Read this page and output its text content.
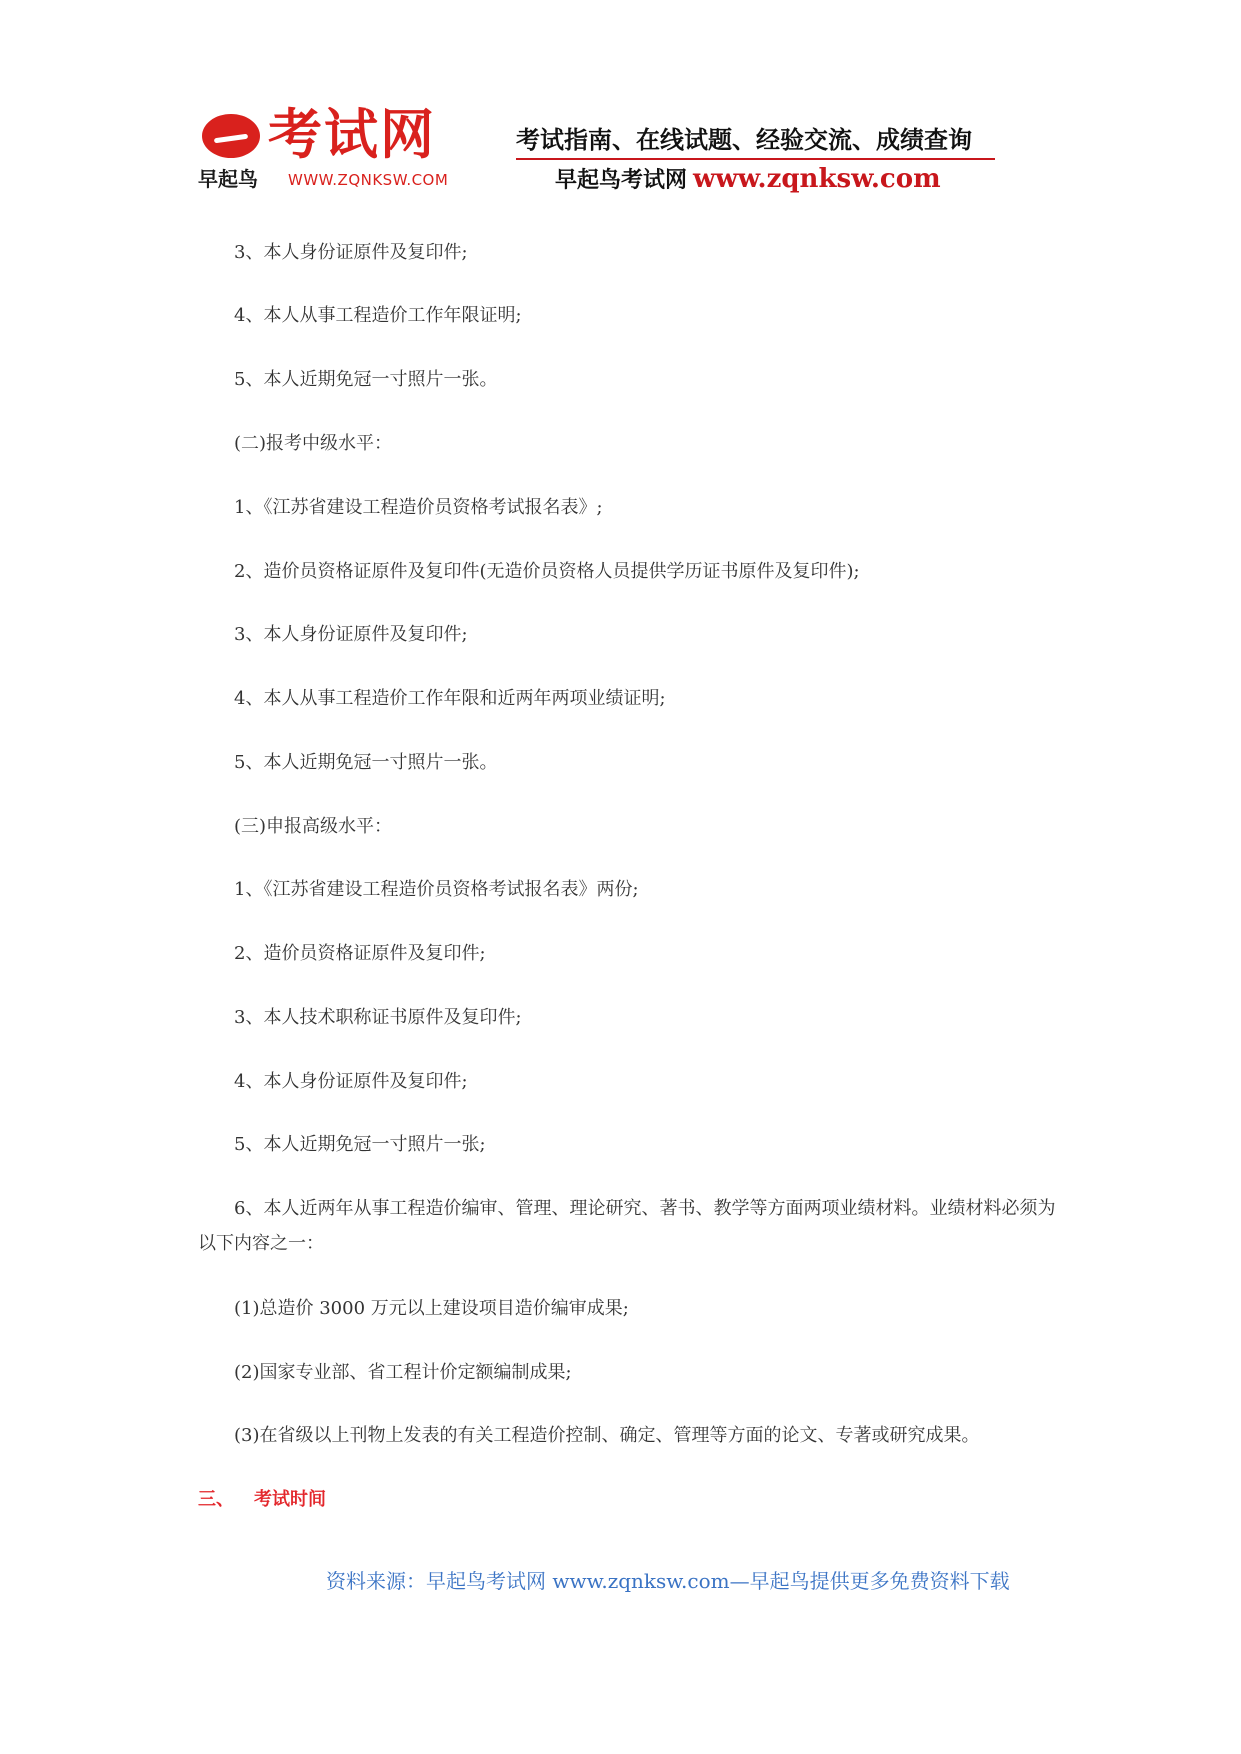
考试网
早起鸟 WWW.ZQNKSW.COM
考试指南、在线试题、经验交流、成绩查询
早起鸟考试网 www.zqnksw.com
3、本人身份证原件及复印件;
4、本人从事工程造价工作年限证明;
5、本人近期免冠一寸照片一张。
(二)报考中级水平：
1、《江苏省建设工程造价员资格考试报名表》;
2、造价员资格证原件及复印件(无造价员资格人员提供学历证书原件及复印件);
3、本人身份证原件及复印件;
4、本人从事工程造价工作年限和近两年两项业绩证明;
5、本人近期免冠一寸照片一张。
(三)申报高级水平：
1、《江苏省建设工程造价员资格考试报名表》两份;
2、造价员资格证原件及复印件;
3、本人技术职称证书原件及复印件;
4、本人身份证原件及复印件;
5、本人近期免冠一寸照片一张;
6、本人近两年从事工程造价编审、管理、理论研究、著书、教学等方面两项业绩材料。业绩材料必须为以下内容之一：
(1)总造价 3000 万元以上建设项目造价编审成果;
(2)国家专业部、省工程计价定额编制成果;
(3)在省级以上刊物上发表的有关工程造价控制、确定、管理等方面的论文、专著或研究成果。
三、 考试时间
资料来源：早起鸟考试网 www.zqnksw.com—早起鸟提供更多免费资料下载
